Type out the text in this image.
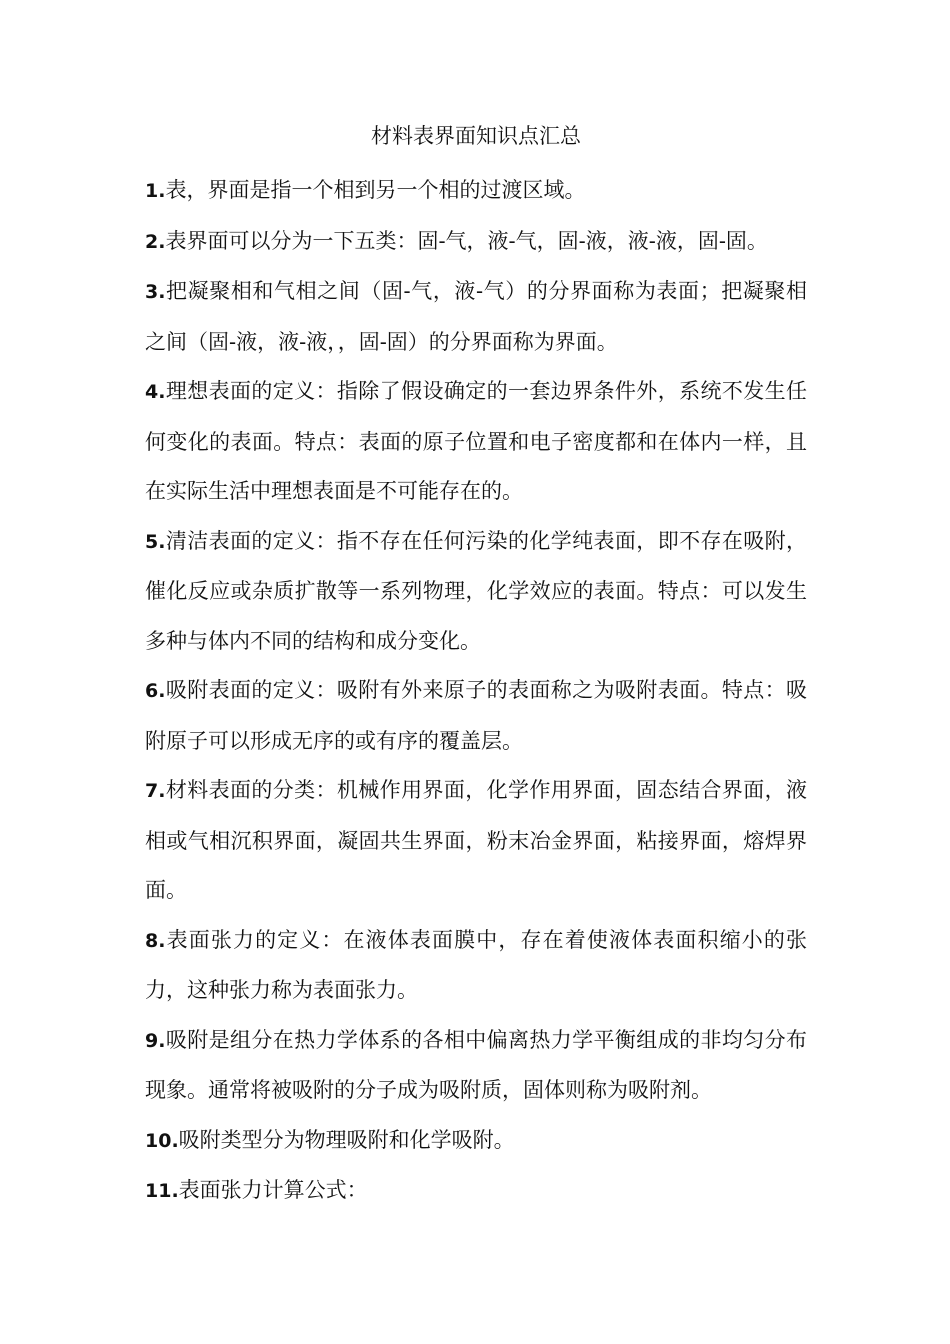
材料表界面知识点汇总

1.表，界面是指一个相到另一个相的过渡区域。

2.表界面可以分为一下五类：固-气，液-气，固-液，液-液，固-固。

3.把凝聚相和气相之间（固-气，液-气）的分界面称为表面；把凝聚相之间（固-液，液-液，，固-固）的分界面称为界面。

4.理想表面的定义：指除了假设确定的一套边界条件外，系统不发生任何变化的表面。特点：表面的原子位置和电子密度都和在体内一样，且在实际生活中理想表面是不可能存在的。

5.清洁表面的定义：指不存在任何污染的化学纯表面，即不存在吸附，催化反应或杂质扩散等一系列物理，化学效应的表面。特点：可以发生多种与体内不同的结构和成分变化。

6.吸附表面的定义：吸附有外来原子的表面称之为吸附表面。特点：吸附原子可以形成无序的或有序的覆盖层。

7.材料表面的分类：机械作用界面，化学作用界面，固态结合界面，液相或气相沉积界面，凝固共生界面，粉末冶金界面，粘接界面，熔焊界面。

8.表面张力的定义：在液体表面膜中，存在着使液体表面积缩小的张力，这种张力称为表面张力。

9.吸附是组分在热力学体系的各相中偏离热力学平衡组成的非均匀分布现象。通常将被吸附的分子成为吸附质，固体则称为吸附剂。

10.吸附类型分为物理吸附和化学吸附。

11.表面张力计算公式：
